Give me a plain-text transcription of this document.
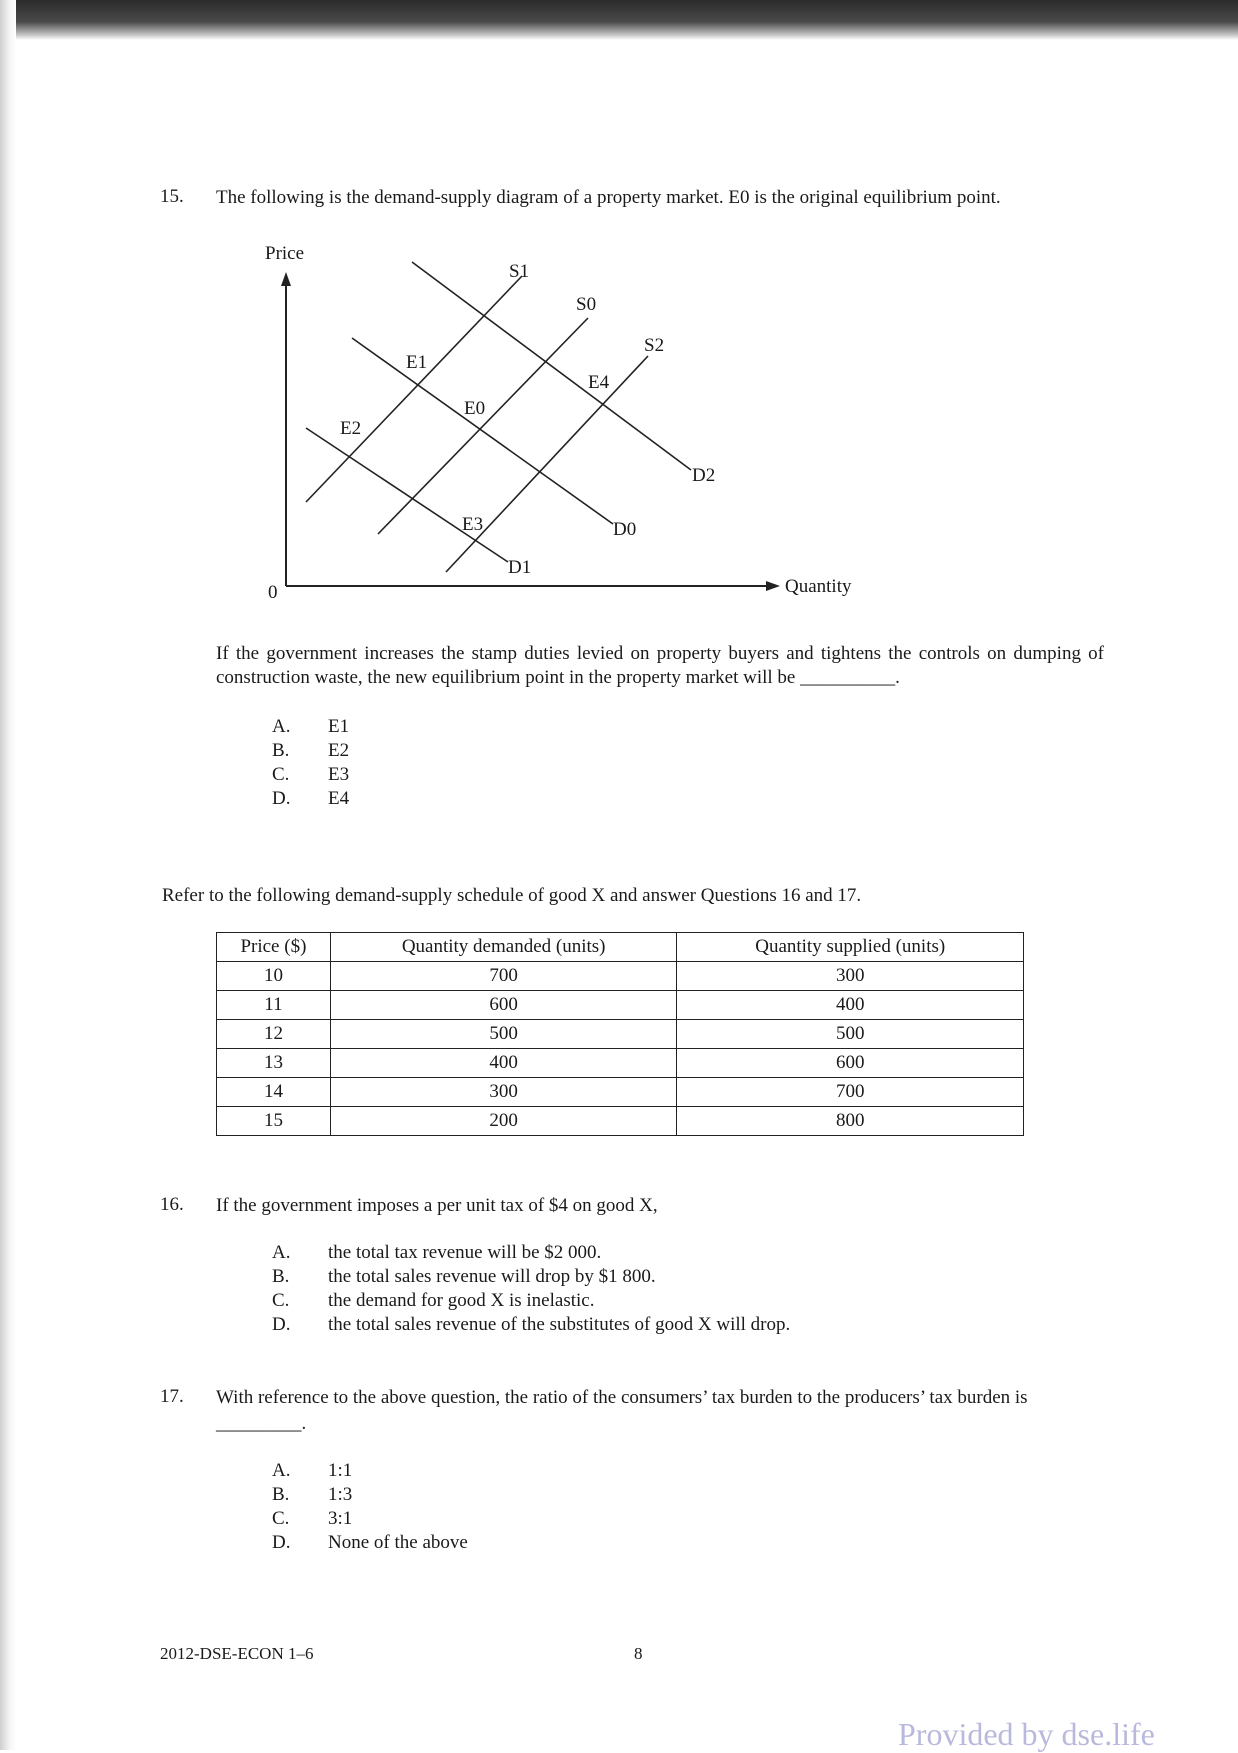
15. The following is the demand-supply diagram of a property market. E0 is the original equilibrium point.
Price
Quantity
0
S1
S0
S2
D0
D1
D2
E0
E1
E2
E3
E4
If the government increases the stamp duties levied on property buyers and tightens the controls on dumping of construction waste, the new equilibrium point in the property market will be __________.
A. E1
B. E2
C. E3
D. E4
Refer to the following demand-supply schedule of good X and answer Questions 16 and 17.
Price ($)	Quantity demanded (units)	Quantity supplied (units)
10	700	300
11	600	400
12	500	500
13	400	600
14	300	700
15	200	800
16. If the government imposes a per unit tax of $4 on good X,
A. the total tax revenue will be $2 000.
B. the total sales revenue will drop by $1 800.
C. the demand for good X is inelastic.
D. the total sales revenue of the substitutes of good X will drop.
17. With reference to the above question, the ratio of the consumers’ tax burden to the producers’ tax burden is
_________.
A. 1:1
B. 1:3
C. 3:1
D. None of the above
2012-DSE-ECON 1–6	8
Provided by dse.life
